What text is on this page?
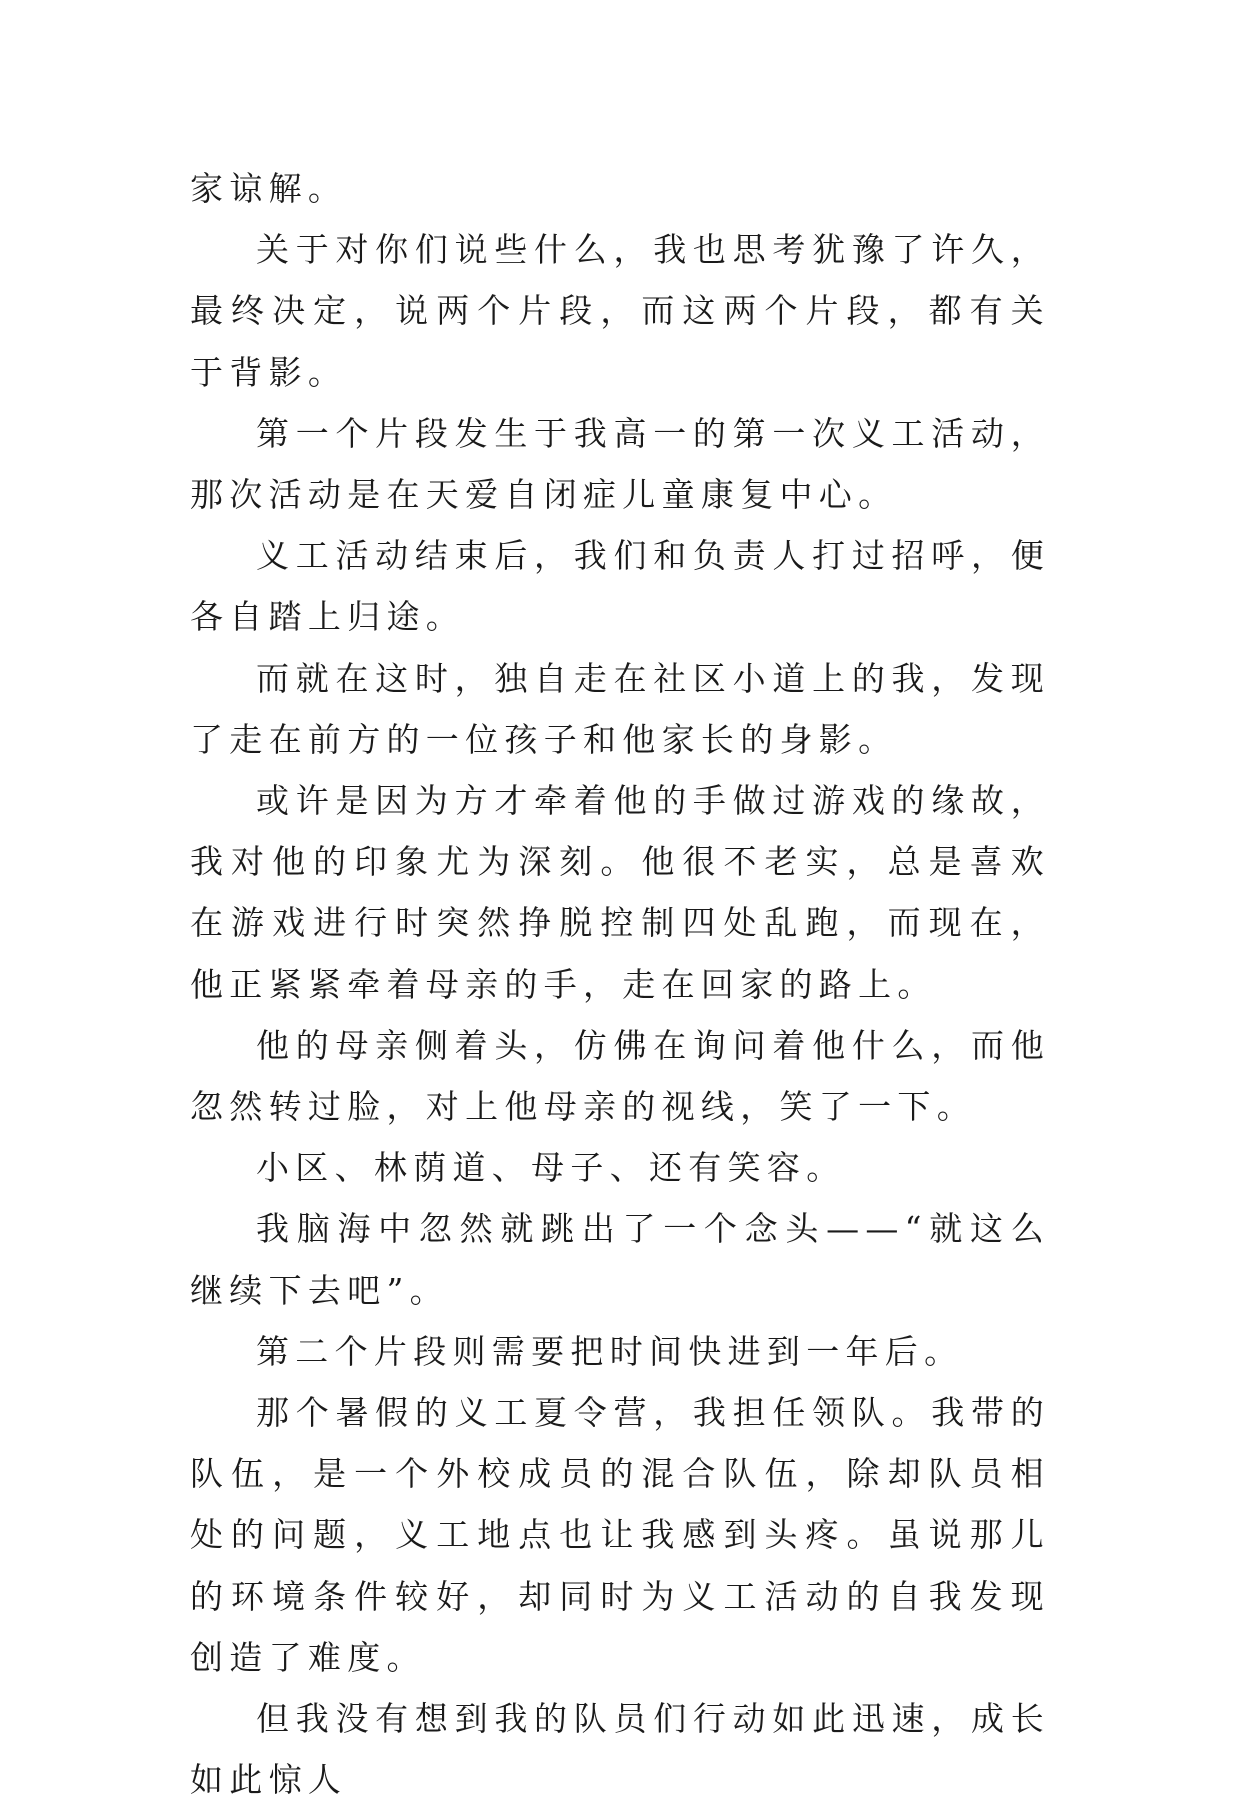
家谅解。

关于对你们说些什么，我也思考犹豫了许久，最终决定，说两个片段，而这两个片段，都有关于背影。

第一个片段发生于我高一的第一次义工活动，那次活动是在天爱自闭症儿童康复中心。

义工活动结束后，我们和负责人打过招呼，便各自踏上归途。

而就在这时，独自走在社区小道上的我，发现了走在前方的一位孩子和他家长的身影。

或许是因为方才牵着他的手做过游戏的缘故，我对他的印象尤为深刻。他很不老实，总是喜欢在游戏进行时突然挣脱控制四处乱跑，而现在，他正紧紧牵着母亲的手，走在回家的路上。

他的母亲侧着头，仿佛在询问着他什么，而他忽然转过脸，对上他母亲的视线，笑了一下。

小区、林荫道、母子、还有笑容。

我脑海中忽然就跳出了一个念头——“就这么继续下去吧”。

第二个片段则需要把时间快进到一年后。

那个暑假的义工夏令营，我担任领队。我带的队伍，是一个外校成员的混合队伍，除却队员相处的问题，义工地点也让我感到头疼。虽说那儿的环境条件较好，却同时为义工活动的自我发现创造了难度。

但我没有想到我的队员们行动如此迅速，成长如此惊人
